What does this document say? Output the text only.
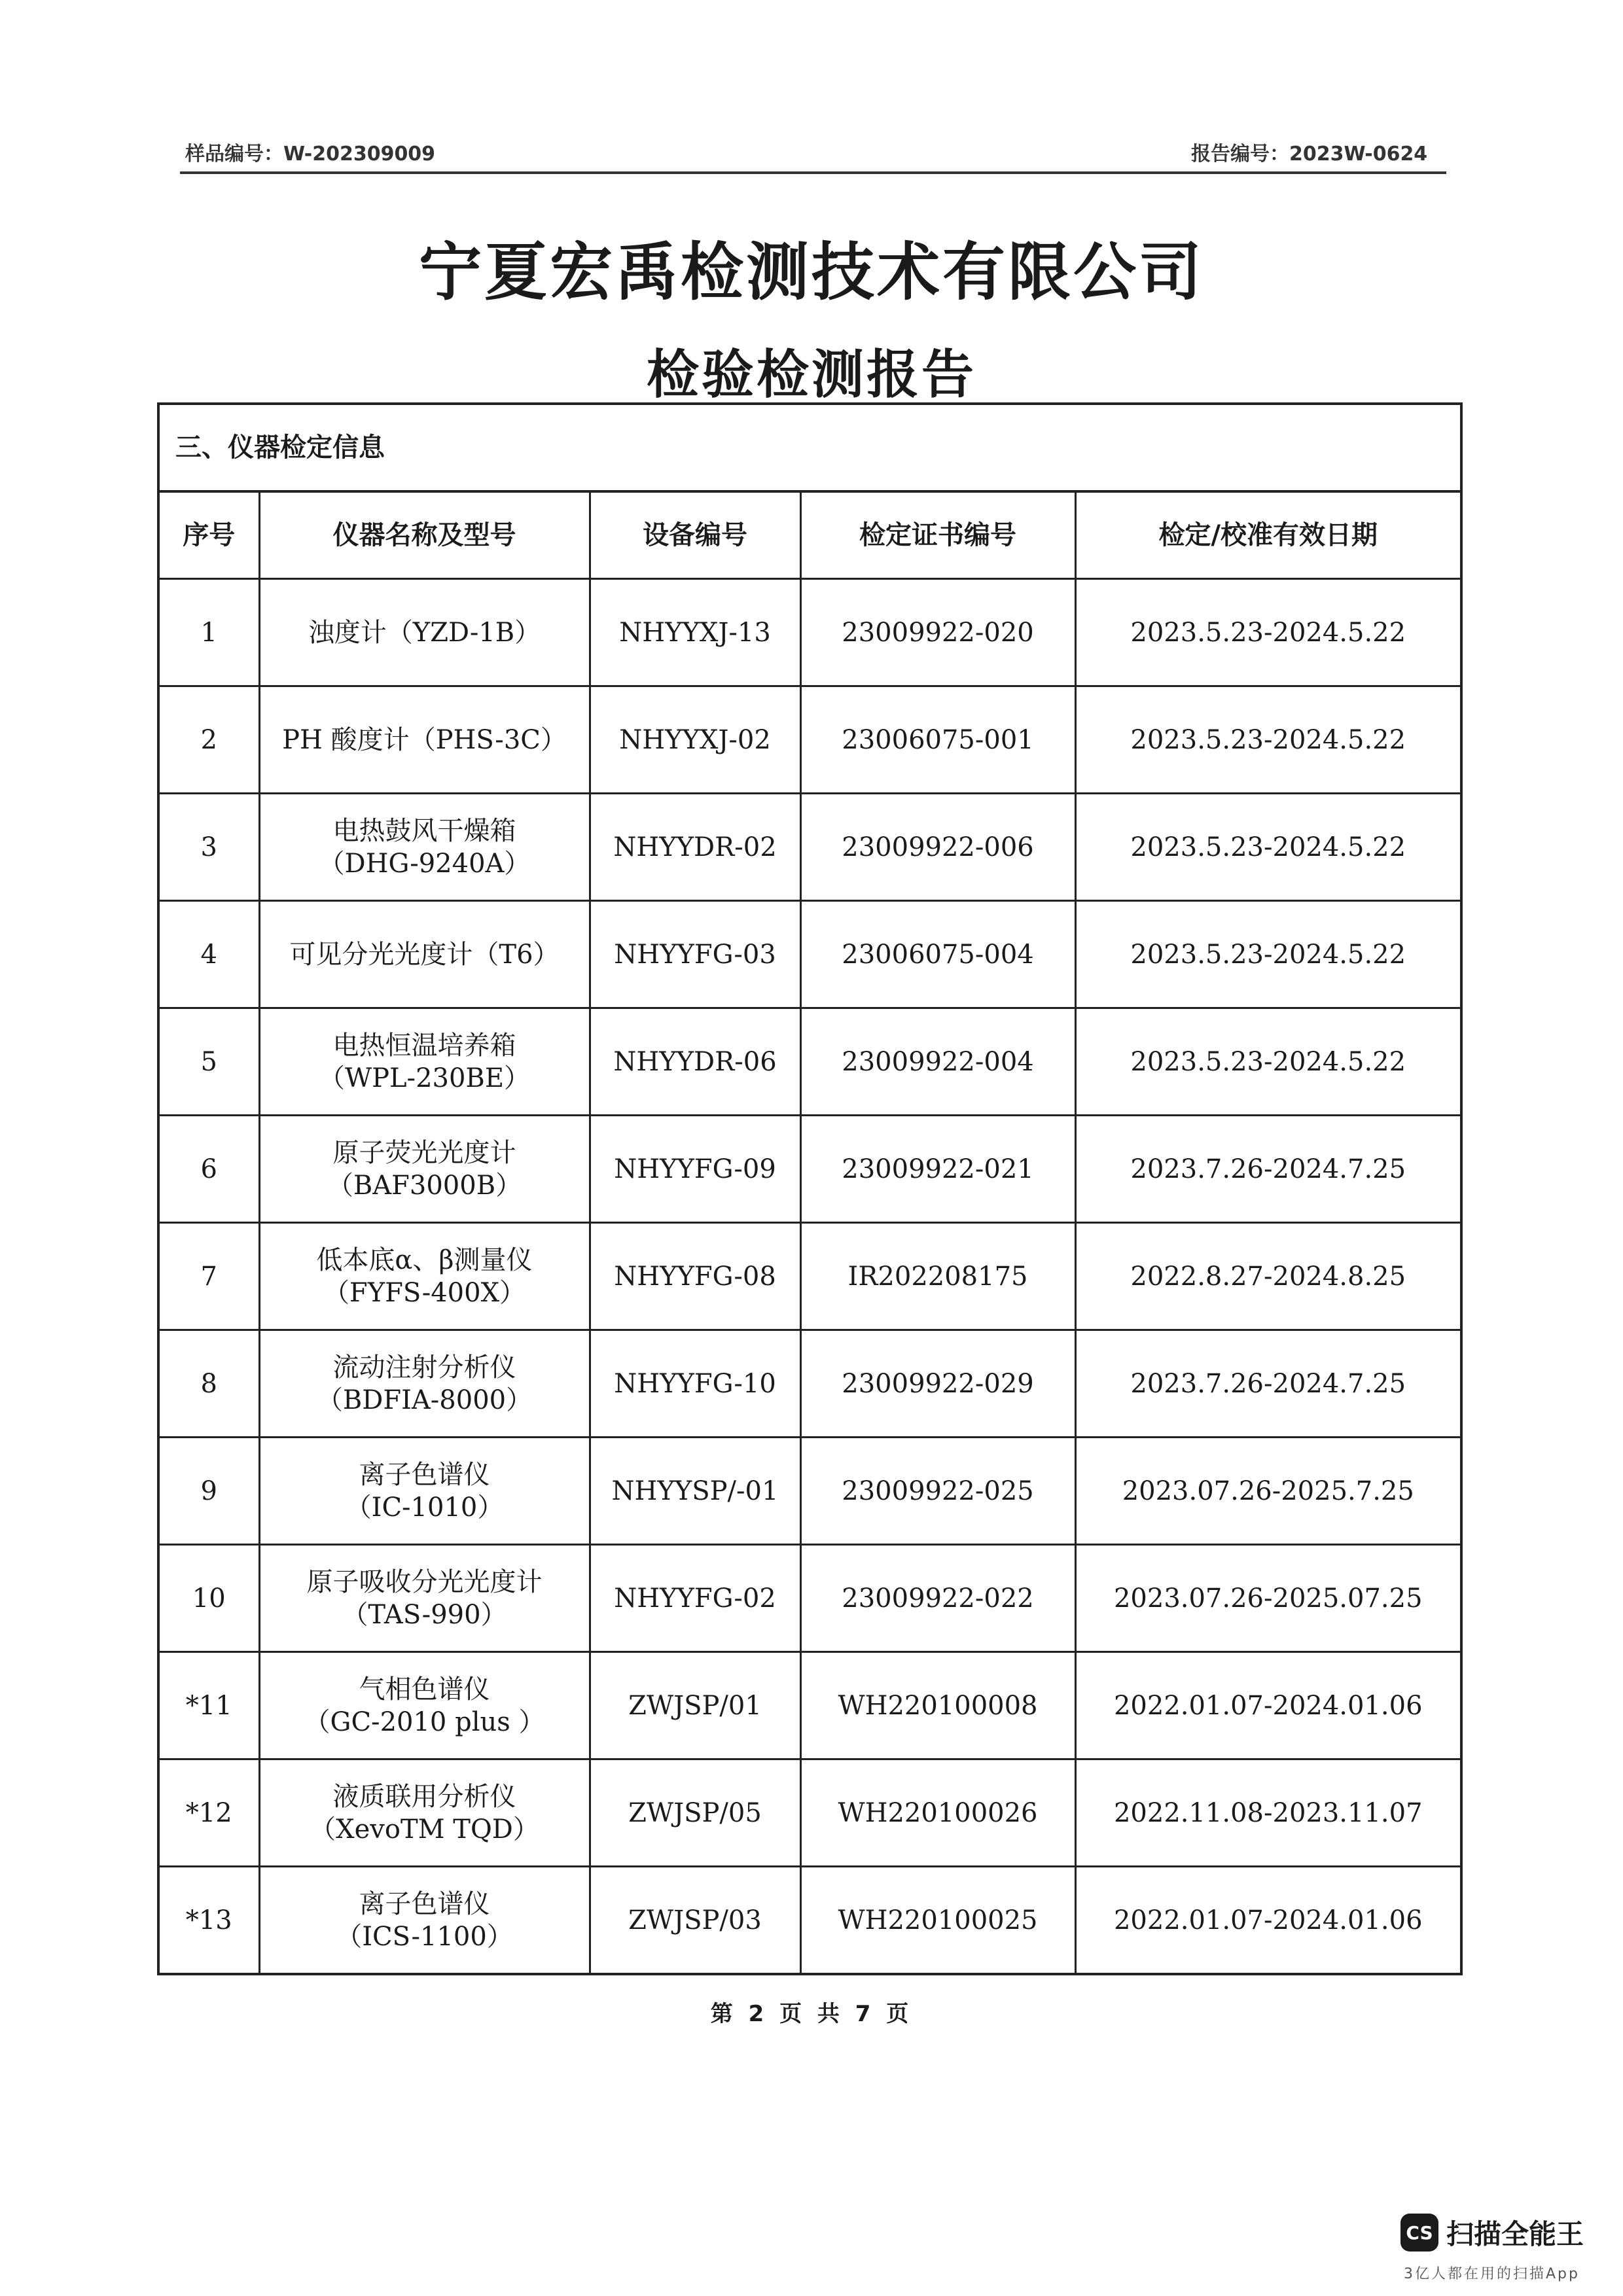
样品编号：W-202309009	报告编号：2023W-0624
宁夏宏禹检测技术有限公司
检验检测报告
三、仪器检定信息
序号	仪器名称及型号	设备编号	检定证书编号	检定/校准有效日期

1	浊度计（YZD-1B）	NHYYXJ-13	23009922-020	2023.5.23-2024.5.22

2	PH 酸度计（PHS-3C）	NHYYXJ-02	23006075-001	2023.5.23-2024.5.22

3	电热鼓风干燥箱
（DHG-9240A）	NHYYDR-02	23009922-006	2023.5.23-2024.5.22

4	可见分光光度计（T6）	NHYYFG-03	23006075-004	2023.5.23-2024.5.22

5	电热恒温培养箱
（WPL-230BE）	NHYYDR-06	23009922-004	2023.5.23-2024.5.22

6	原子荧光光度计
（BAF3000B）	NHYYFG-09	23009922-021	2023.7.26-2024.7.25

7	低本底α、β测量仪
（FYFS-400X）	NHYYFG-08	IR202208175	2022.8.27-2024.8.25

8	流动注射分析仪
（BDFIA-8000）	NHYYFG-10	23009922-029	2023.7.26-2024.7.25

9	离子色谱仪
（IC-1010）	NHYYSP/-01	23009922-025	2023.07.26-2025.7.25

10	原子吸收分光光度计
（TAS-990）	NHYYFG-02	23009922-022	2023.07.26-2025.07.25

*11	气相色谱仪
（GC-2010 plus ）	ZWJSP/01	WH220100008	2022.01.07-2024.01.06

*12	液质联用分析仪
（XevoTM TQD）	ZWJSP/05	WH220100026	2022.11.08-2023.11.07

*13	离子色谱仪
（ICS-1100）	ZWJSP/03	WH220100025	2022.01.07-2024.01.06
第 2 页 共 7 页
CS 扫描全能王
3亿人都在用的扫描App
